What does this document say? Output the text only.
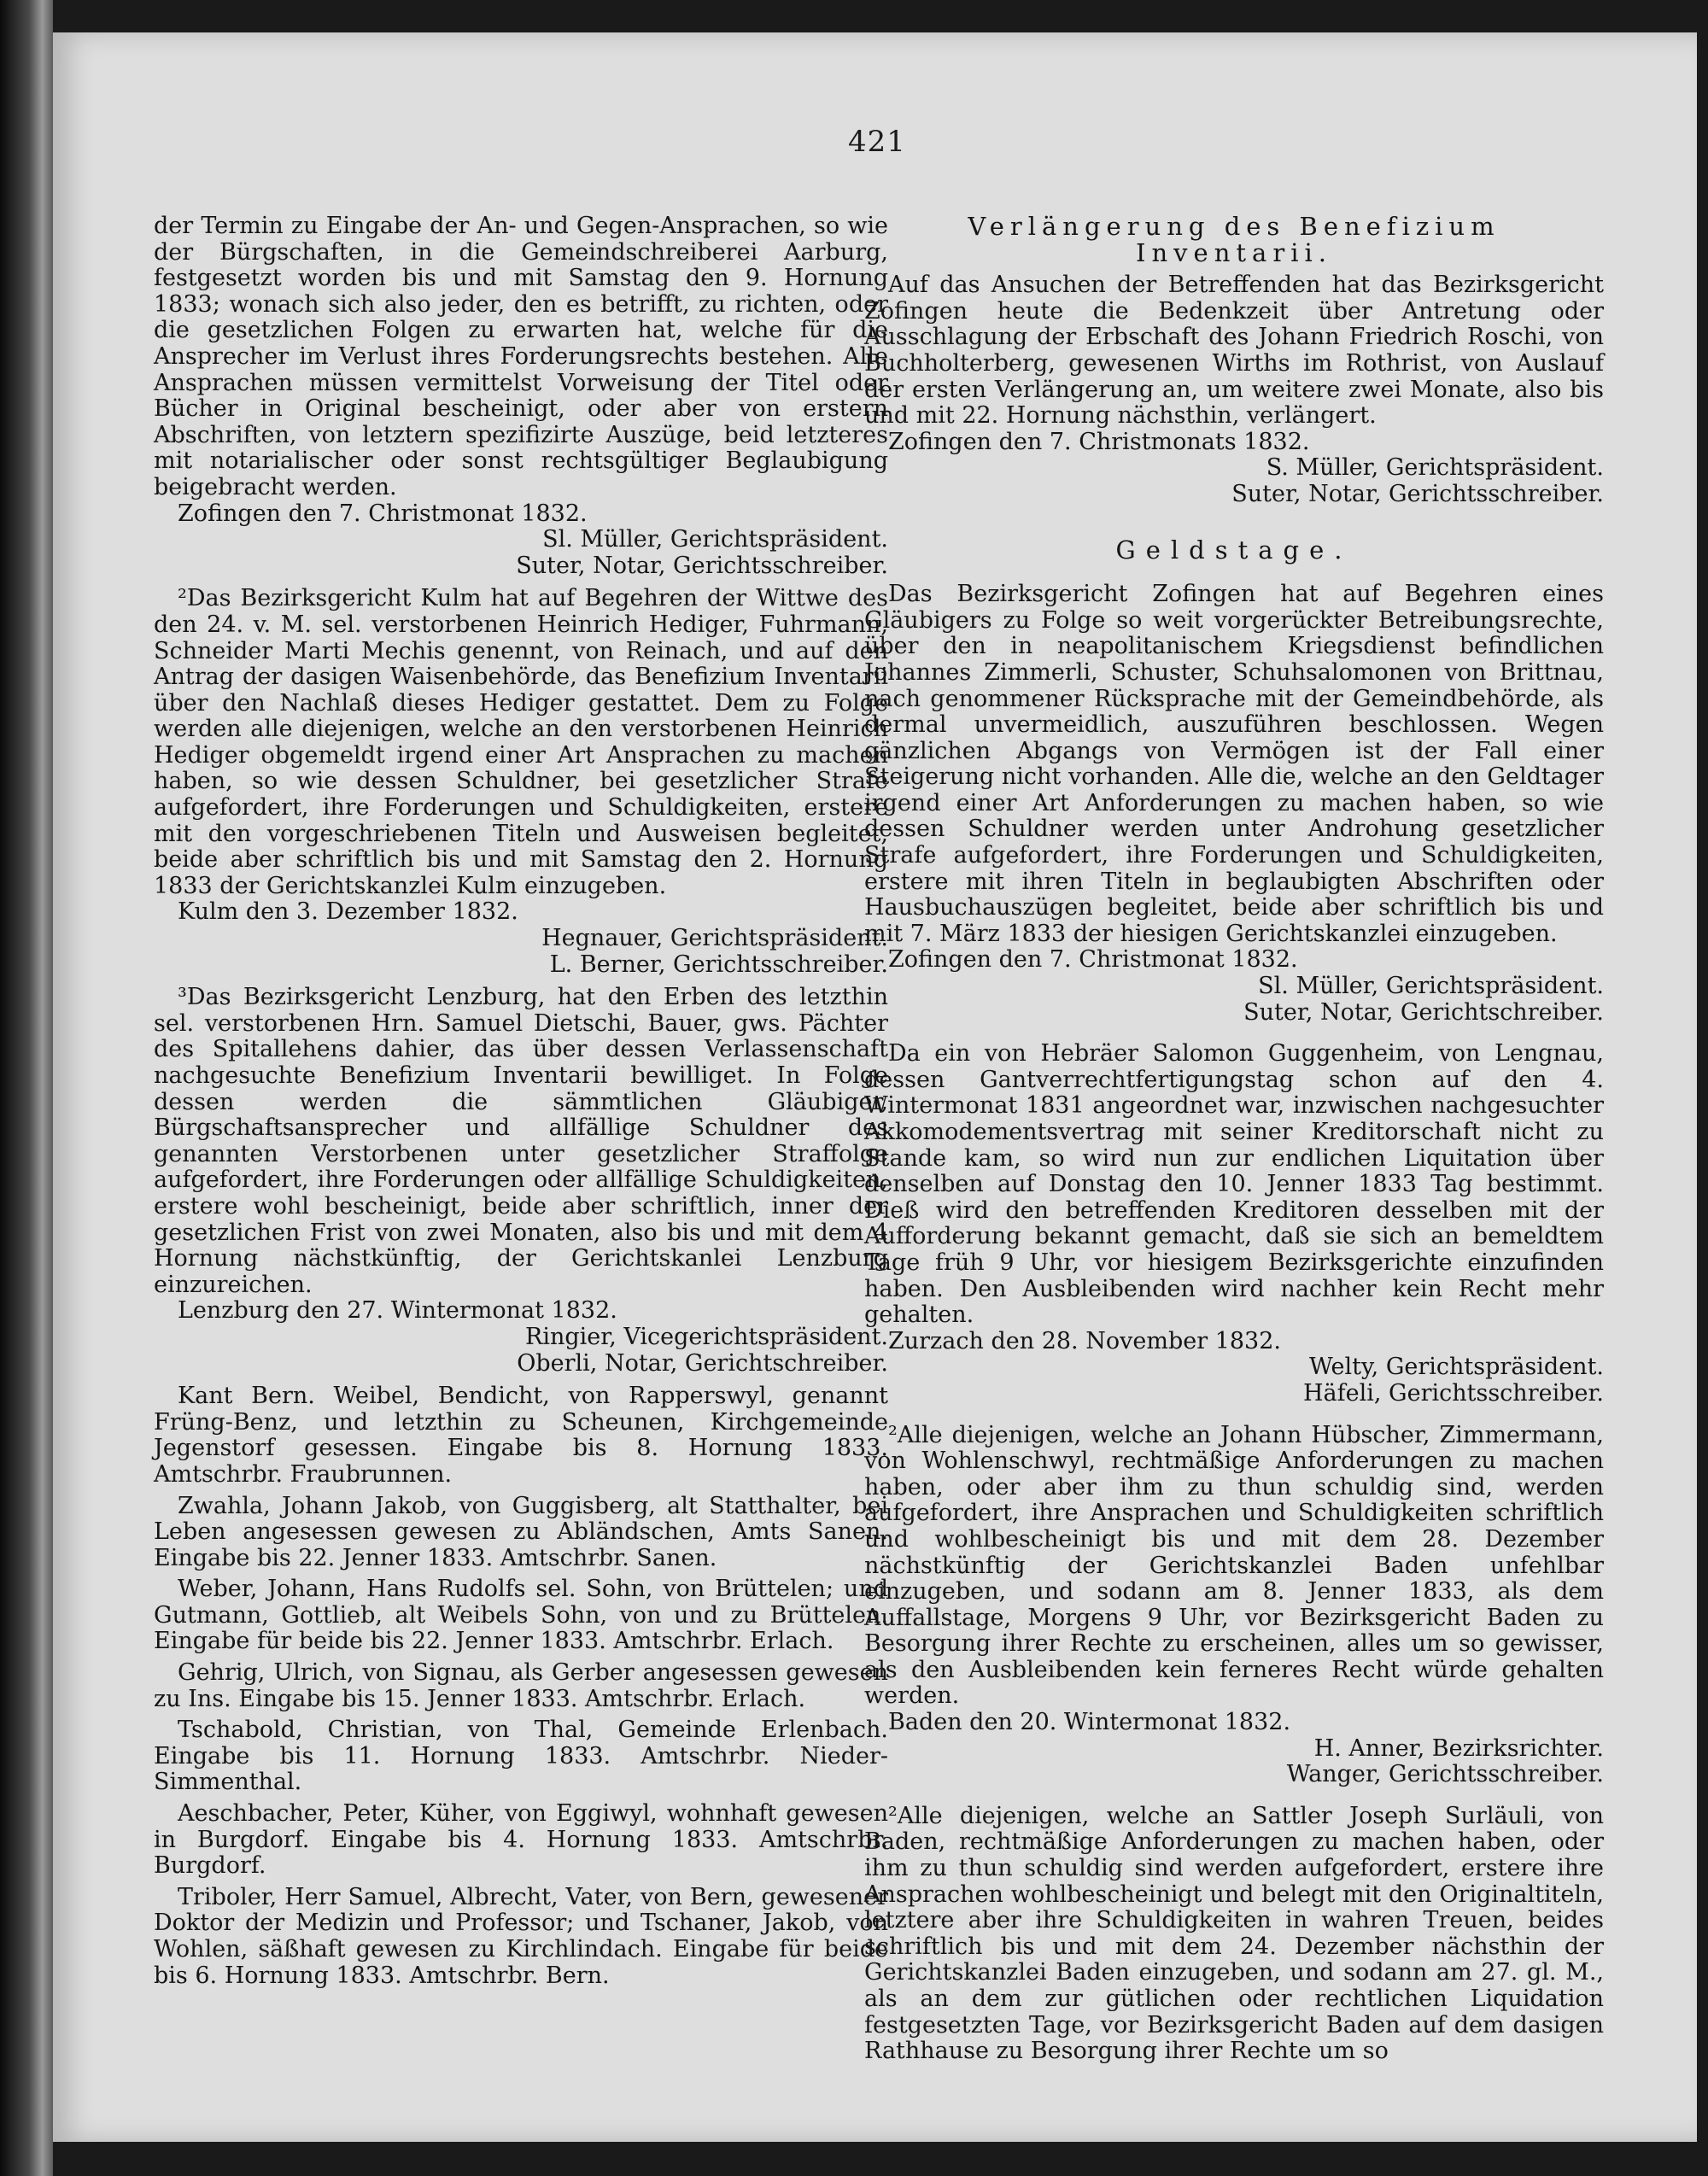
421

der Termin zu Eingabe der An- und Gegen-Ansprachen, so wie der Bürgschaften, in die Gemeindschreiberei Aarburg, festgesetzt worden bis und mit Samstag den 9. Hornung 1833; wonach sich also jeder, den es betrifft, zu richten, oder die gesetzlichen Folgen zu erwarten hat, welche für die Ansprecher im Verlust ihres Forderungsrechts bestehen. Alle Ansprachen müssen vermittelst Vorweisung der Titel oder Bücher in Original bescheinigt, oder aber von erstern Abschriften, von letztern spezifizirte Auszüge, beid letzteres mit notarialischer oder sonst rechtsgültiger Beglaubigung beigebracht werden.

Zofingen den 7. Christmonat 1832.

Sl. Müller, Gerichtspräsident.

Suter, Notar, Gerichtsschreiber.

²Das Bezirksgericht Kulm hat auf Begehren der Wittwe des den 24. v. M. sel. verstorbenen Heinrich Hediger, Fuhrmann, Schneider Marti Mechis genennt, von Reinach, und auf den Antrag der dasigen Waisenbehörde, das Benefizium Inventarii über den Nachlaß dieses Hediger gestattet. Dem zu Folge werden alle diejenigen, welche an den verstorbenen Heinrich Hediger obgemeldt irgend einer Art Ansprachen zu machen haben, so wie dessen Schuldner, bei gesetzlicher Strafe aufgefordert, ihre Forderungen und Schuldigkeiten, erstere mit den vorgeschriebenen Titeln und Ausweisen begleitet, beide aber schriftlich bis und mit Samstag den 2. Hornung 1833 der Gerichtskanzlei Kulm einzugeben.

Kulm den 3. Dezember 1832.

Hegnauer, Gerichtspräsident.

L. Berner, Gerichtsschreiber.

³Das Bezirksgericht Lenzburg, hat den Erben des letzthin sel. verstorbenen Hrn. Samuel Dietschi, Bauer, gws. Pächter des Spitallehens dahier, das über dessen Verlassenschaft nachgesuchte Benefizium Inventarii bewilliget. In Folge dessen werden die sämmtlichen Gläubiger, Bürgschaftsansprecher und allfällige Schuldner des genannten Verstorbenen unter gesetzlicher Straffolge aufgefordert, ihre Forderungen oder allfällige Schuldigkeiten, erstere wohl bescheinigt, beide aber schriftlich, inner der gesetzlichen Frist von zwei Monaten, also bis und mit dem 4 Hornung nächstkünftig, der Gerichtskanlei Lenzburg einzureichen.

Lenzburg den 27. Wintermonat 1832.

Ringier, Vicegerichtspräsident.

Oberli, Notar, Gerichtschreiber.

Kant Bern. Weibel, Bendicht, von Rapperswyl, genannt Früng-Benz, und letzthin zu Scheunen, Kirchgemeinde Jegenstorf gesessen. Eingabe bis 8. Hornung 1833. Amtschrbr. Fraubrunnen.

Zwahla, Johann Jakob, von Guggisberg, alt Statthalter, bei Leben angesessen gewesen zu Abländschen, Amts Sanen. Eingabe bis 22. Jenner 1833. Amtschrbr. Sanen.

Weber, Johann, Hans Rudolfs sel. Sohn, von Brüttelen; und Gutmann, Gottlieb, alt Weibels Sohn, von und zu Brüttelen. Eingabe für beide bis 22. Jenner 1833. Amtschrbr. Erlach.

Gehrig, Ulrich, von Signau, als Gerber angesessen gewesen zu Ins. Eingabe bis 15. Jenner 1833. Amtschrbr. Erlach.

Tschabold, Christian, von Thal, Gemeinde Erlenbach. Eingabe bis 11. Hornung 1833. Amtschrbr. Nieder-Simmenthal.

Aeschbacher, Peter, Küher, von Eggiwyl, wohnhaft gewesen in Burgdorf. Eingabe bis 4. Hornung 1833. Amtschrbr. Burgdorf.

Triboler, Herr Samuel, Albrecht, Vater, von Bern, gewesener Doktor der Medizin und Professor; und Tschaner, Jakob, von Wohlen, säßhaft gewesen zu Kirchlindach. Eingabe für beide bis 6. Hornung 1833. Amtschrbr. Bern.

Verlängerung des Benefizium Inventarii.

Auf das Ansuchen der Betreffenden hat das Bezirksgericht Zofingen heute die Bedenkzeit über Antretung oder Ausschlagung der Erbschaft des Johann Friedrich Roschi, von Buchholterberg, gewesenen Wirths im Rothrist, von Auslauf der ersten Verlängerung an, um weitere zwei Monate, also bis und mit 22. Hornung nächsthin, verlängert.

Zofingen den 7. Christmonats 1832.

S. Müller, Gerichtspräsident.

Suter, Notar, Gerichtsschreiber.

Geldstage.

Das Bezirksgericht Zofingen hat auf Begehren eines Gläubigers zu Folge so weit vorgerückter Betreibungsrechte, über den in neapolitanischem Kriegsdienst befindlichen Johannes Zimmerli, Schuster, Schuhsalomonen von Brittnau, nach genommener Rücksprache mit der Gemeindbehörde, als dermal unvermeidlich, auszuführen beschlossen. Wegen gänzlichen Abgangs von Vermögen ist der Fall einer Steigerung nicht vorhanden. Alle die, welche an den Geldtager irgend einer Art Anforderungen zu machen haben, so wie dessen Schuldner werden unter Androhung gesetzlicher Strafe aufgefordert, ihre Forderungen und Schuldigkeiten, erstere mit ihren Titeln in beglaubigten Abschriften oder Hausbuchauszügen begleitet, beide aber schriftlich bis und mit 7. März 1833 der hiesigen Gerichtskanzlei einzugeben.

Zofingen den 7. Christmonat 1832.

Sl. Müller, Gerichtspräsident.

Suter, Notar, Gerichtschreiber.

Da ein von Hebräer Salomon Guggenheim, von Lengnau, dessen Gantverrechtfertigungstag schon auf den 4. Wintermonat 1831 angeordnet war, inzwischen nachgesuchter Akkomodementsvertrag mit seiner Kreditorschaft nicht zu Stande kam, so wird nun zur endlichen Liquitation über denselben auf Donstag den 10. Jenner 1833 Tag bestimmt. Dieß wird den betreffenden Kreditoren desselben mit der Aufforderung bekannt gemacht, daß sie sich an bemeldtem Tage früh 9 Uhr, vor hiesigem Bezirksgerichte einzufinden haben. Den Ausbleibenden wird nachher kein Recht mehr gehalten.

Zurzach den 28. November 1832.

Welty, Gerichtspräsident.

Häfeli, Gerichtsschreiber.

²Alle diejenigen, welche an Johann Hübscher, Zimmermann, von Wohlenschwyl, rechtmäßige Anforderungen zu machen haben, oder aber ihm zu thun schuldig sind, werden aufgefordert, ihre Ansprachen und Schuldigkeiten schriftlich und wohlbescheinigt bis und mit dem 28. Dezember nächstkünftig der Gerichtskanzlei Baden unfehlbar einzugeben, und sodann am 8. Jenner 1833, als dem Auffallstage, Morgens 9 Uhr, vor Bezirksgericht Baden zu Besorgung ihrer Rechte zu erscheinen, alles um so gewisser, als den Ausbleibenden kein ferneres Recht würde gehalten werden.

Baden den 20. Wintermonat 1832.

H. Anner, Bezirksrichter.

Wanger, Gerichtsschreiber.

²Alle diejenigen, welche an Sattler Joseph Surläuli, von Baden, rechtmäßige Anforderungen zu machen haben, oder ihm zu thun schuldig sind werden aufgefordert, erstere ihre Ansprachen wohlbescheinigt und belegt mit den Originaltiteln, letztere aber ihre Schuldigkeiten in wahren Treuen, beides schriftlich bis und mit dem 24. Dezember nächsthin der Gerichtskanzlei Baden einzugeben, und sodann am 27. gl. M., als an dem zur gütlichen oder rechtlichen Liquidation festgesetzten Tage, vor Bezirksgericht Baden auf dem dasigen Rathhause zu Besorgung ihrer Rechte um so
